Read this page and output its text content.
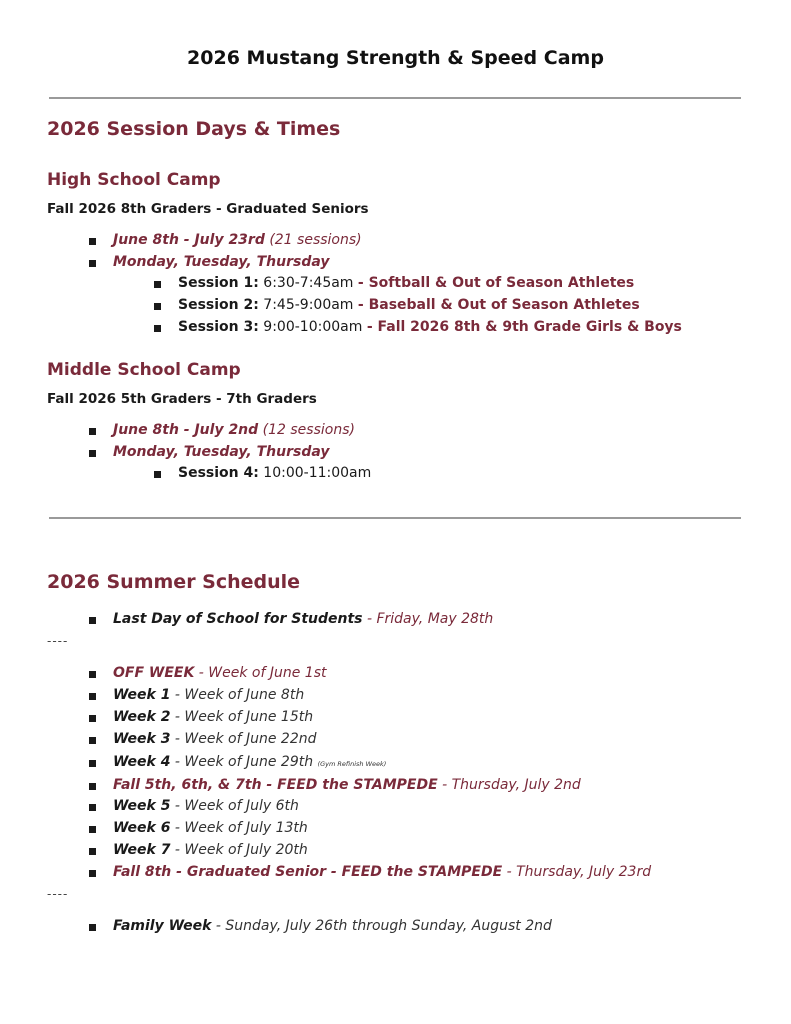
2026 Mustang Strength & Speed Camp
2026 Session Days & Times
High School Camp
Fall 2026 8th Graders - Graduated Seniors
June 8th - July 23rd (21 sessions)
Monday, Tuesday, Thursday
Session 1: 6:30-7:45am - Softball & Out of Season Athletes
Session 2: 7:45-9:00am - Baseball & Out of Season Athletes
Session 3: 9:00-10:00am - Fall 2026 8th & 9th Grade Girls & Boys
Middle School Camp
Fall 2026 5th Graders - 7th Graders
June 8th - July 2nd (12 sessions)
Monday, Tuesday, Thursday
Session 4: 10:00-11:00am
2026 Summer Schedule
Last Day of School for Students - Friday, May 28th
----
OFF WEEK - Week of June 1st
Week 1 - Week of June 8th
Week 2 - Week of June 15th
Week 3 - Week of June 22nd
Week 4 - Week of June 29th (Gym Refinish Week)
Fall 5th, 6th, & 7th - FEED the STAMPEDE - Thursday, July 2nd
Week 5 - Week of July 6th
Week 6 - Week of July 13th
Week 7 - Week of July 20th
Fall 8th - Graduated Senior - FEED the STAMPEDE - Thursday, July 23rd
----
Family Week - Sunday, July 26th through Sunday, August 2nd
